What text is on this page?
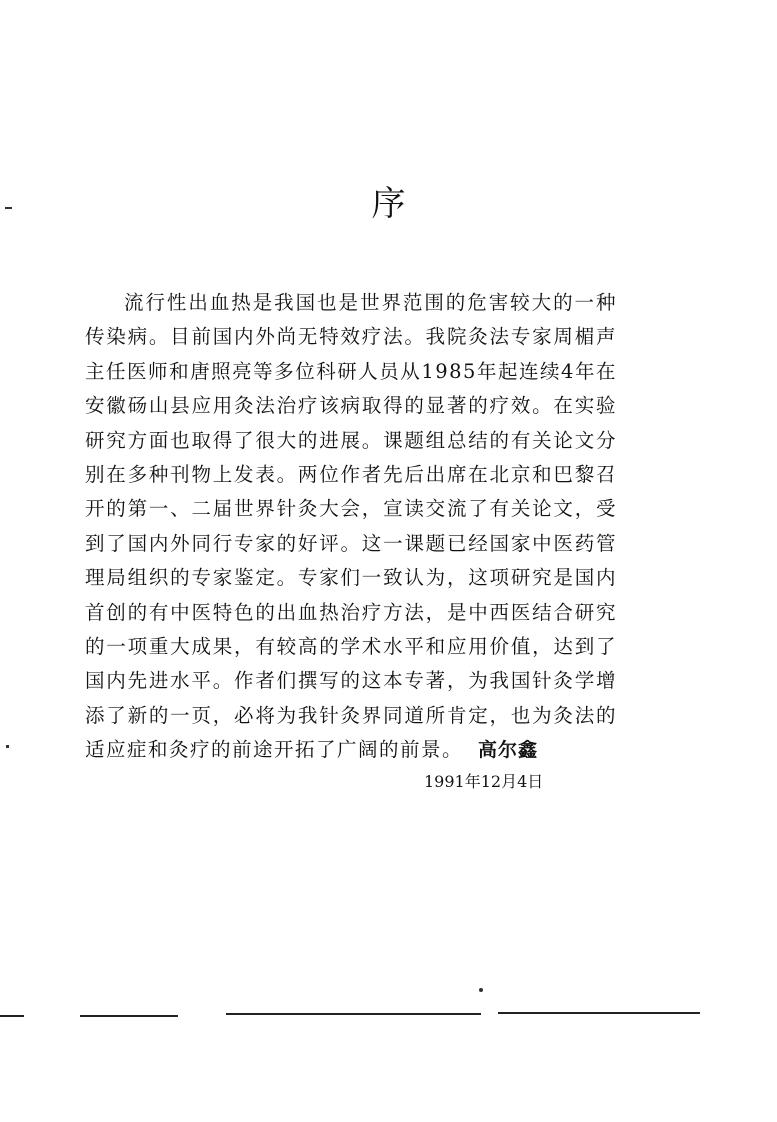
序

流行性出血热是我国也是世界范围的危害较大的一种传染病。目前国内外尚无特效疗法。我院灸法专家周楣声主任医师和唐照亮等多位科研人员从1985年起连续4年在安徽砀山县应用灸法治疗该病取得的显著的疗效。在实验研究方面也取得了很大的进展。课题组总结的有关论文分别在多种刊物上发表。两位作者先后出席在北京和巴黎召开的第一、二届世界针灸大会，宣读交流了有关论文，受到了国内外同行专家的好评。这一课题已经国家中医药管理局组织的专家鉴定。专家们一致认为，这项研究是国内首创的有中医特色的出血热治疗方法，是中西医结合研究的一项重大成果，有较高的学术水平和应用价值，达到了国内先进水平。作者们撰写的这本专著，为我国针灸学增添了新的一页，必将为我针灸界同道所肯定，也为灸法的适应症和灸疗的前途开拓了广阔的前景。 高尔鑫

1991年12月4日
